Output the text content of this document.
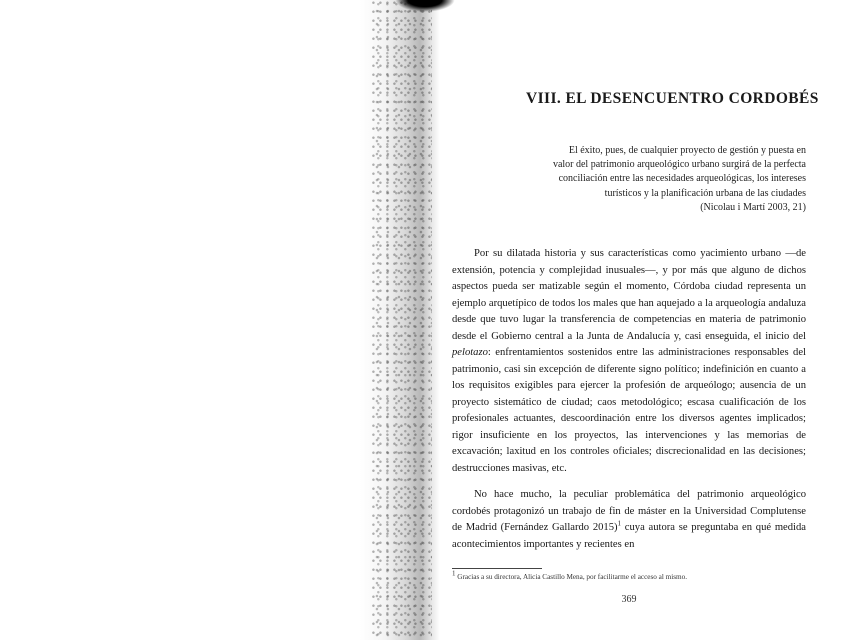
VIII. EL DESENCUENTRO CORDOBÉS
El éxito, pues, de cualquier proyecto de gestión y puesta en
valor del patrimonio arqueológico urbano surgirá de la perfecta
conciliación entre las necesidades arqueológicas, los intereses
turísticos y la planificación urbana de las ciudades
(Nicolau i Martí 2003, 21)

Por su dilatada historia y sus características como yacimiento urbano —de extensión, potencia y complejidad inusuales—, y por más que alguno de dichos aspectos pueda ser matizable según el momento, Córdoba ciudad representa un ejemplo arquetípico de todos los males que han aquejado a la arqueología andaluza desde que tuvo lugar la transferencia de competencias en materia de patrimonio desde el Gobierno central a la Junta de Andalucía y, casi enseguida, el inicio del pelotazo: enfrentamientos sostenidos entre las administraciones responsables del patrimonio, casi sin excepción de diferente signo político; indefinición en cuanto a los requisitos exigibles para ejercer la profesión de arqueólogo; ausencia de un proyecto sistemático de ciudad; caos metodológico; escasa cualificación de los profesionales actuantes, descoordinación entre los diversos agentes implicados; rigor insuficiente en los proyectos, las intervenciones y las memorias de excavación; laxitud en los controles oficiales; discrecionalidad en las decisiones; destrucciones masivas, etc.

No hace mucho, la peculiar problemática del patrimonio arqueológico cordobés protagonizó un trabajo de fin de máster en la Universidad Complutense de Madrid (Fernández Gallardo 2015)$^1$ cuya autora se preguntaba en qué medida acontecimientos importantes y recientes en

$^1$ Gracias a su directora, Alicia Castillo Mena, por facilitarme el acceso al mismo.
369
